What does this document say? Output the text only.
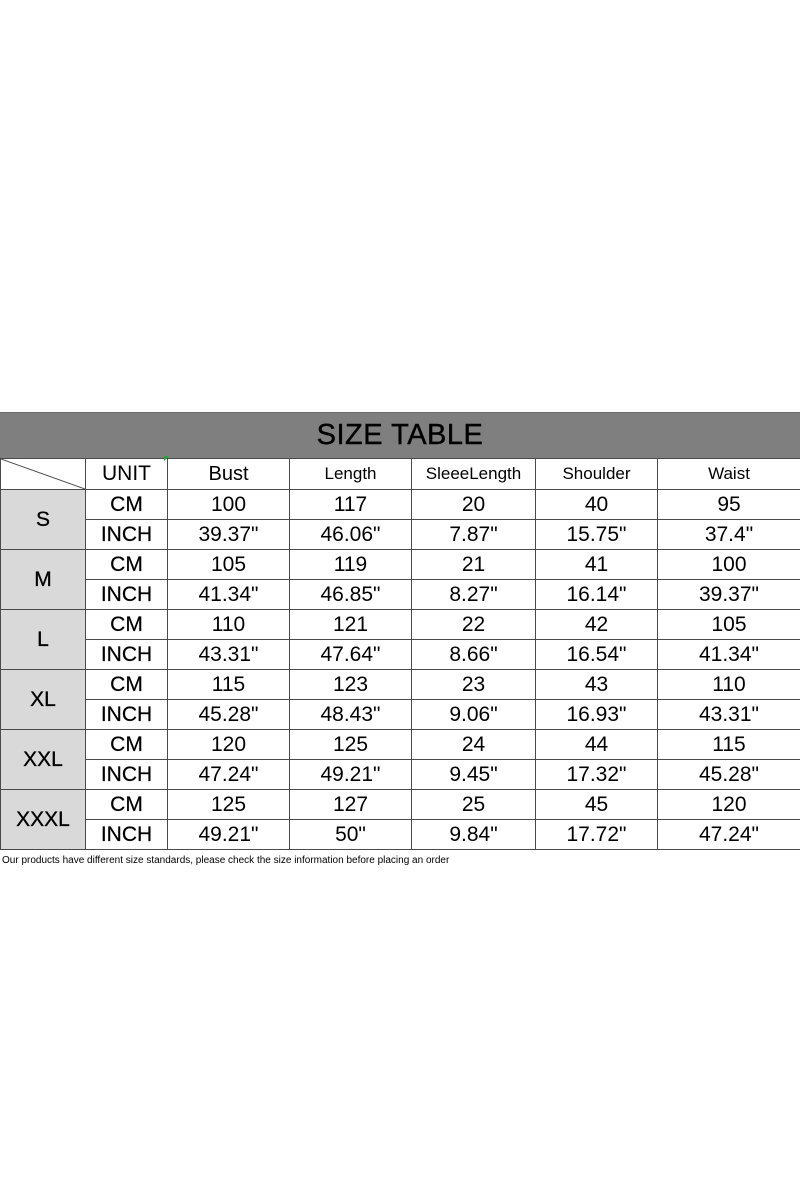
SIZE TABLE
	UNIT	Bust	Length	SleeeLength	Shoulder	Waist
S	CM	100	117	20	40	95
	INCH	39.37"	46.06"	7.87"	15.75"	37.4"
M	CM	105	119	21	41	100
	INCH	41.34"	46.85"	8.27"	16.14"	39.37"
L	CM	110	121	22	42	105
	INCH	43.31"	47.64"	8.66"	16.54"	41.34"
XL	CM	115	123	23	43	110
	INCH	45.28"	48.43"	9.06"	16.93"	43.31"
XXL	CM	120	125	24	44	115
	INCH	47.24"	49.21"	9.45"	17.32"	45.28"
XXXL	CM	125	127	25	45	120
	INCH	49.21"	50"	9.84"	17.72"	47.24"
Our products have different size standards, please check the size information before placing an order
